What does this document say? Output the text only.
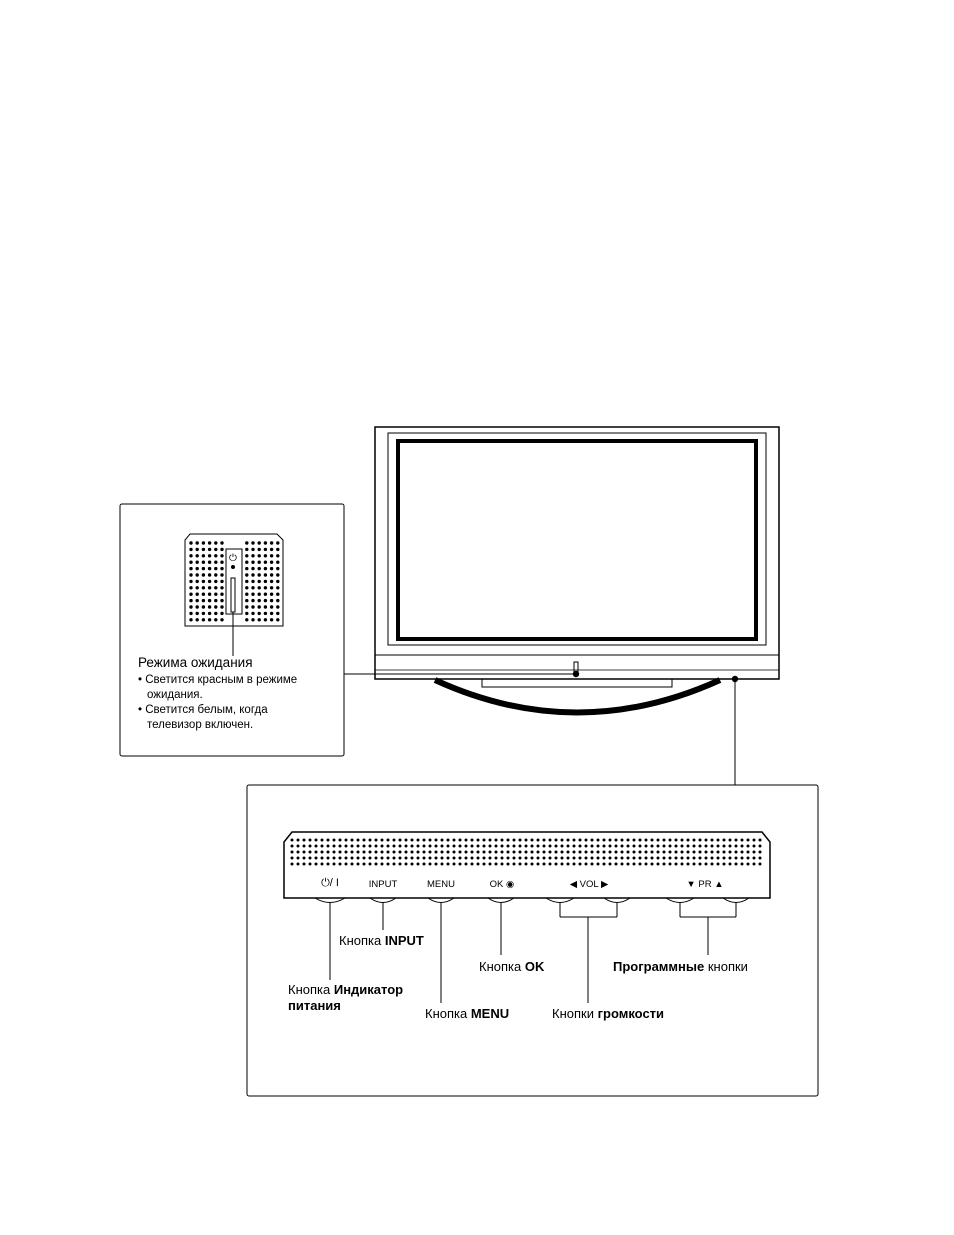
⏻
Режима ожидания
• Светится красным в режиме
ожидания.
• Светится белым, когда
телевизор включен.
⏻/ I	INPUT	MENU	OK ◉	◀ VOL ▶	▼ PR ▲
Кнопка INPUT
Кнопка OK	Программные кнопки
Кнопка Индикатор
питания
Кнопка MENU	Кнопки громкости
